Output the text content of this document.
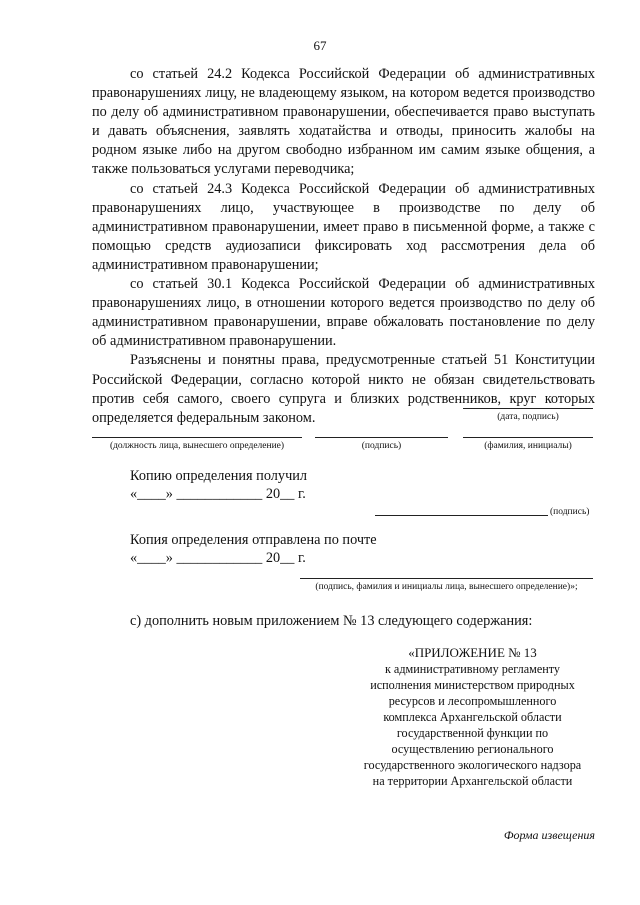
67

со статьей 24.2 Кодекса Российской Федерации об административных правонарушениях лицу, не владеющему языком, на котором ведется производство по делу об административном правонарушении, обеспечивается право выступать и давать объяснения, заявлять ходатайства и отводы, приносить жалобы на родном языке либо на другом свободно избранном им самим языке общения, а также пользоваться услугами переводчика;

со статьей 24.3 Кодекса Российской Федерации об административных правонарушениях лицо, участвующее в производстве по делу об административном правонарушении, имеет право в письменной форме, а также с помощью средств аудиозаписи фиксировать ход рассмотрения дела об административном правонарушении;

со статьей 30.1 Кодекса Российской Федерации об административных правонарушениях лицо, в отношении которого ведется производство по делу об административном правонарушении, вправе обжаловать постановление по делу об административном правонарушении.

Разъяснены и понятны права, предусмотренные статьей 51 Конституции Российской Федерации, согласно которой никто не обязан свидетельствовать против себя самого, своего супруга и близких родственников, круг которых определяется федеральным законом.	(дата, подпись)
(должность лица, вынесшего определение)	(подпись)	(фамилия, инициалы)
Копию определения получил
«____» ____________ 20__ г.
(подпись)
Копия определения отправлена по почте
«____» ____________ 20__ г.
(подпись, фамилия и инициалы лица, вынесшего определение)»;
с) дополнить новым приложением № 13 следующего содержания:
«ПРИЛОЖЕНИЕ № 13
к административному регламенту
исполнения министерством природных
ресурсов и лесопромышленного
комплекса Архангельской области
государственной функции по
осуществлению регионального
государственного экологического надзора
на территории Архангельской области
Форма извещения
